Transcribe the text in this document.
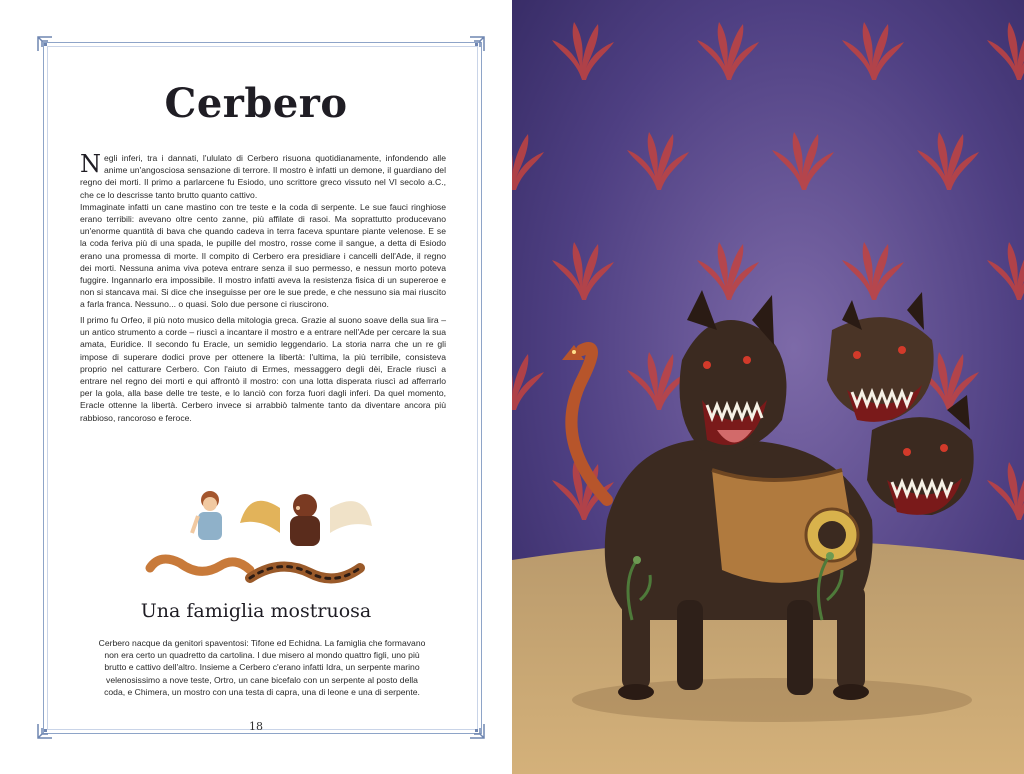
Cerbero
Negli inferi, tra i dannati, l'ululato di Cerbero risuona quotidianamente, infondendo alle anime un'angosciosa sensazione di terrore. Il mostro è infatti un demone, il guardiano del regno dei morti. Il primo a parlarcene fu Esiodo, uno scrittore greco vissuto nel VI secolo a.C., che ce lo descrisse tanto brutto quanto cattivo.
Immaginate infatti un cane mastino con tre teste e la coda di serpente. Le sue fauci ringhiose erano terribili: avevano oltre cento zanne, più affilate di rasoi. Ma soprattutto producevano un'enorme quantità di bava che quando cadeva in terra faceva spuntare piante velenose. E se la coda feriva più di una spada, le pupille del mostro, rosse come il sangue, a detta di Esiodo erano una promessa di morte. Il compito di Cerbero era presidiare i cancelli dell'Ade, il regno dei morti. Nessuna anima viva poteva entrare senza il suo permesso, e nessun morto poteva fuggire. Ingannarlo era impossibile. Il mostro infatti aveva la resistenza fisica di un supereroe e non si stancava mai. Si dice che inseguisse per ore le sue prede, e che nessuno sia mai riuscito a farla franca. Nessuno... o quasi. Solo due persone ci riuscirono.

Il primo fu Orfeo, il più noto musico della mitologia greca. Grazie al suono soave della sua lira – un antico strumento a corde – riuscì a incantare il mostro e a entrare nell'Ade per cercare la sua amata, Euridice. Il secondo fu Eracle, un semidio leggendario. La storia narra che un re gli impose di superare dodici prove per ottenere la libertà: l'ultima, la più terribile, consisteva proprio nel catturare Cerbero. Con l'aiuto di Ermes, messaggero degli dèi, Eracle riuscì a entrare nel regno dei morti e qui affrontò il mostro: con una lotta disperata riuscì ad afferrarlo per la gola, alla base delle tre teste, e lo lanciò con forza fuori dagli inferi. Da quel momento, Eracle ottenne la libertà. Cerbero invece si arrabbiò talmente tanto da diventare ancora più rabbioso, rancoroso e feroce.

Una famiglia mostruosa

Cerbero nacque da genitori spaventosi: Tifone ed Echidna. La famiglia che formavano non era certo un quadretto da cartolina. I due misero al mondo quattro figli, uno più brutto e cattivo dell'altro. Insieme a Cerbero c'erano infatti Idra, un serpente marino velenosissimo a nove teste, Ortro, un cane bicefalo con un serpente al posto della coda, e Chimera, un mostro con una testa di capra, una di leone e una di serpente.

18
